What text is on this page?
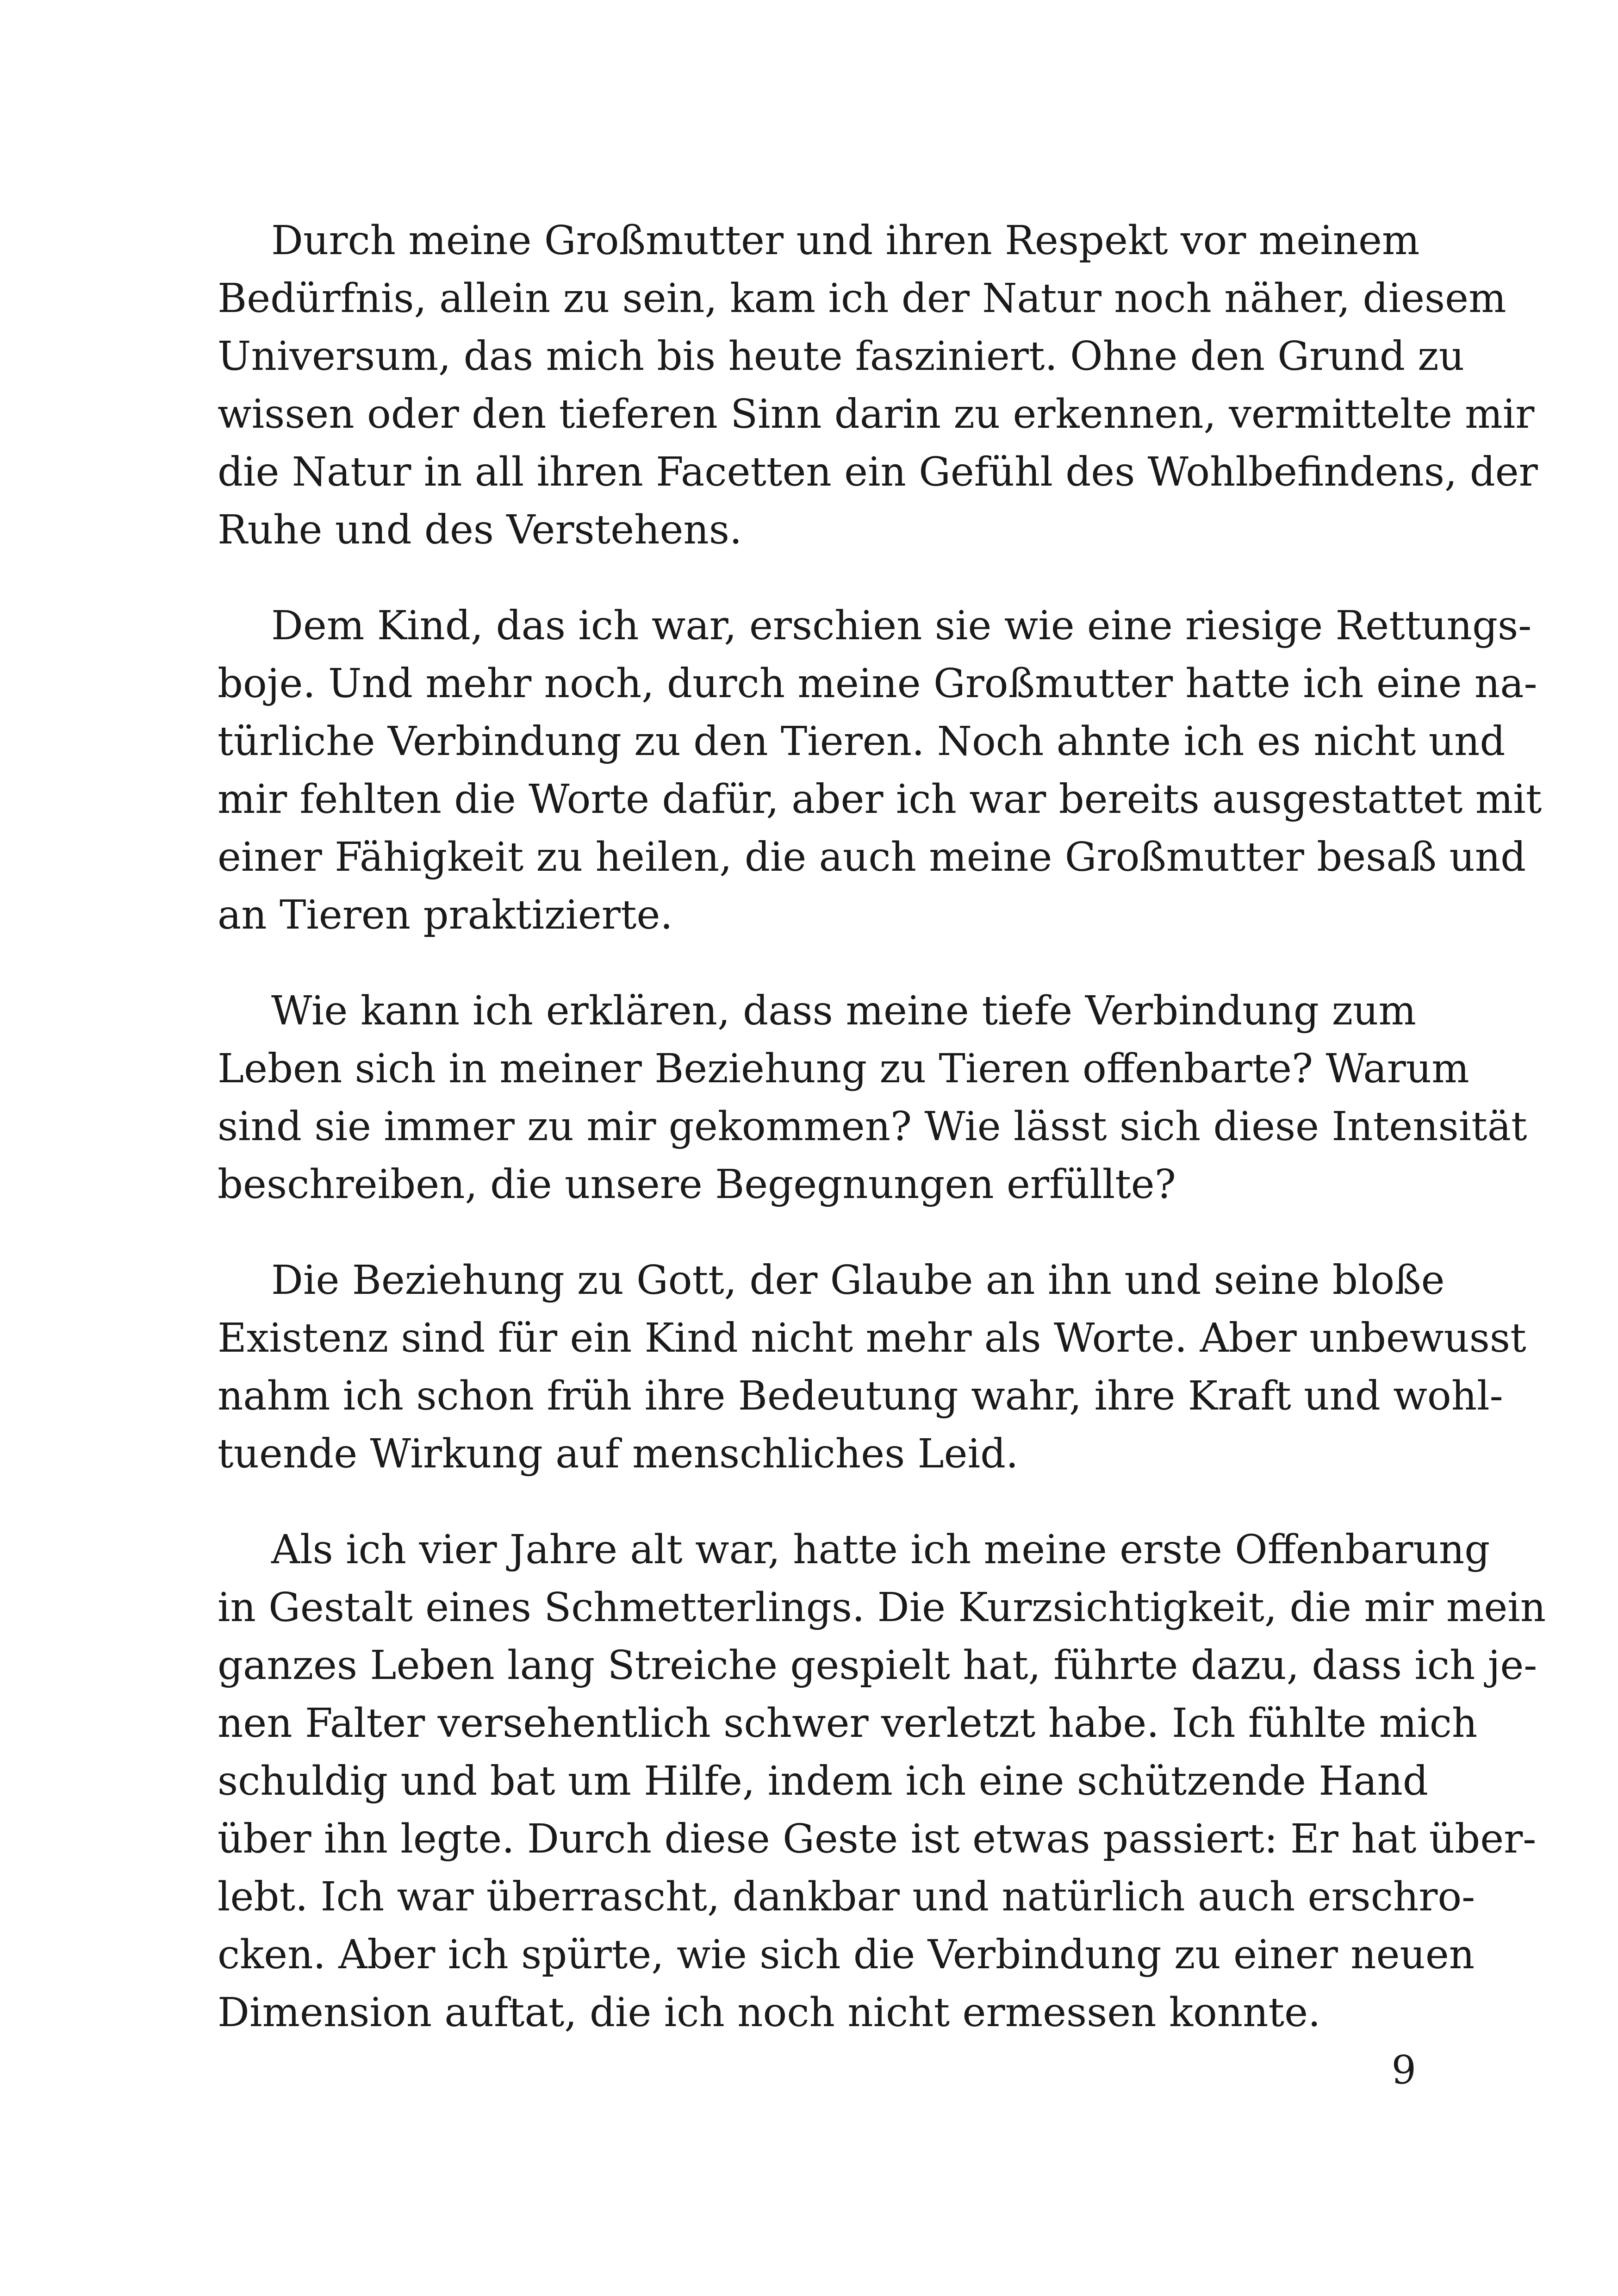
Durch meine Großmutter und ihren Respekt vor meinem
Bedürfnis, allein zu sein, kam ich der Natur noch näher, diesem
Universum, das mich bis heute fasziniert. Ohne den Grund zu
wissen oder den tieferen Sinn darin zu erkennen, vermittelte mir
die Natur in all ihren Facetten ein Gefühl des Wohlbefindens, der
Ruhe und des Verstehens.

Dem Kind, das ich war, erschien sie wie eine riesige Rettungs-
boje. Und mehr noch, durch meine Großmutter hatte ich eine na-
türliche Verbindung zu den Tieren. Noch ahnte ich es nicht und
mir fehlten die Worte dafür, aber ich war bereits ausgestattet mit
einer Fähigkeit zu heilen, die auch meine Großmutter besaß und
an Tieren praktizierte.

Wie kann ich erklären, dass meine tiefe Verbindung zum
Leben sich in meiner Beziehung zu Tieren offenbarte? Warum
sind sie immer zu mir gekommen? Wie lässt sich diese Intensität
beschreiben, die unsere Begegnungen erfüllte?

Die Beziehung zu Gott, der Glaube an ihn und seine bloße
Existenz sind für ein Kind nicht mehr als Worte. Aber unbewusst
nahm ich schon früh ihre Bedeutung wahr, ihre Kraft und wohl-
tuende Wirkung auf menschliches Leid.

Als ich vier Jahre alt war, hatte ich meine erste Offenbarung
in Gestalt eines Schmetterlings. Die Kurzsichtigkeit, die mir mein
ganzes Leben lang Streiche gespielt hat, führte dazu, dass ich je-
nen Falter versehentlich schwer verletzt habe. Ich fühlte mich
schuldig und bat um Hilfe, indem ich eine schützende Hand
über ihn legte. Durch diese Geste ist etwas passiert: Er hat über-
lebt. Ich war überrascht, dankbar und natürlich auch erschro-
cken. Aber ich spürte, wie sich die Verbindung zu einer neuen
Dimension auftat, die ich noch nicht ermessen konnte.

9
